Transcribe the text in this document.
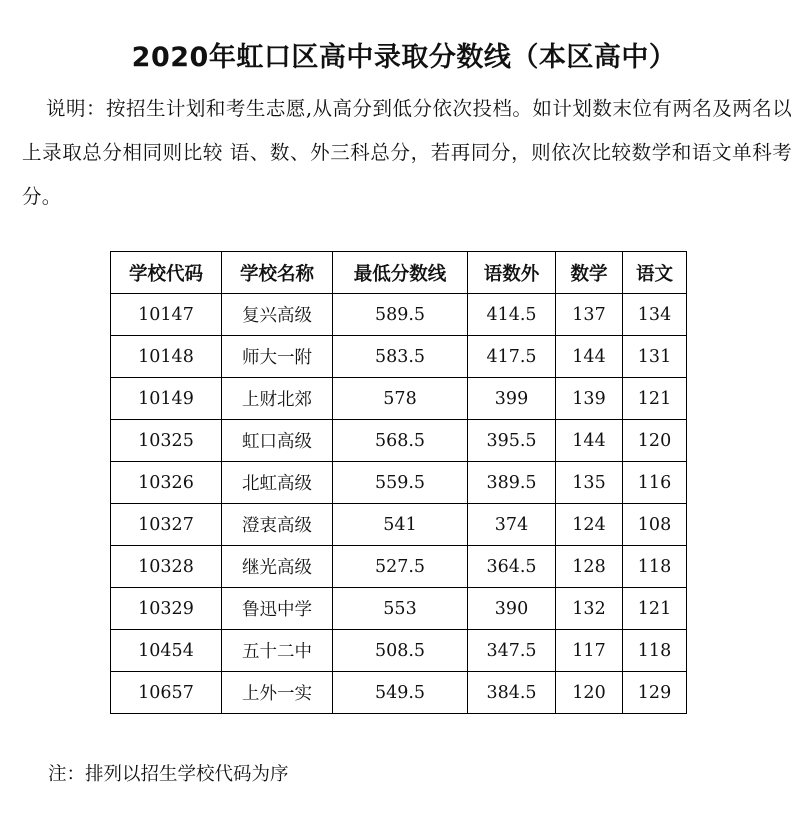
2020年虹口区高中录取分数线（本区高中）
说明：按招生计划和考生志愿,从高分到低分依次投档。如计划数末位有两名及两名以上录取总分相同则比较 语、数、外三科总分，若再同分，则依次比较数学和语文单科考分。
学校代码	学校名称	最低分数线	语数外	数学	语文
10147	复兴高级	589.5	414.5	137	134
10148	师大一附	583.5	417.5	144	131
10149	上财北郊	578	399	139	121
10325	虹口高级	568.5	395.5	144	120
10326	北虹高级	559.5	389.5	135	116
10327	澄衷高级	541	374	124	108
10328	继光高级	527.5	364.5	128	118
10329	鲁迅中学	553	390	132	121
10454	五十二中	508.5	347.5	117	118
10657	上外一实	549.5	384.5	120	129
注：排列以招生学校代码为序
